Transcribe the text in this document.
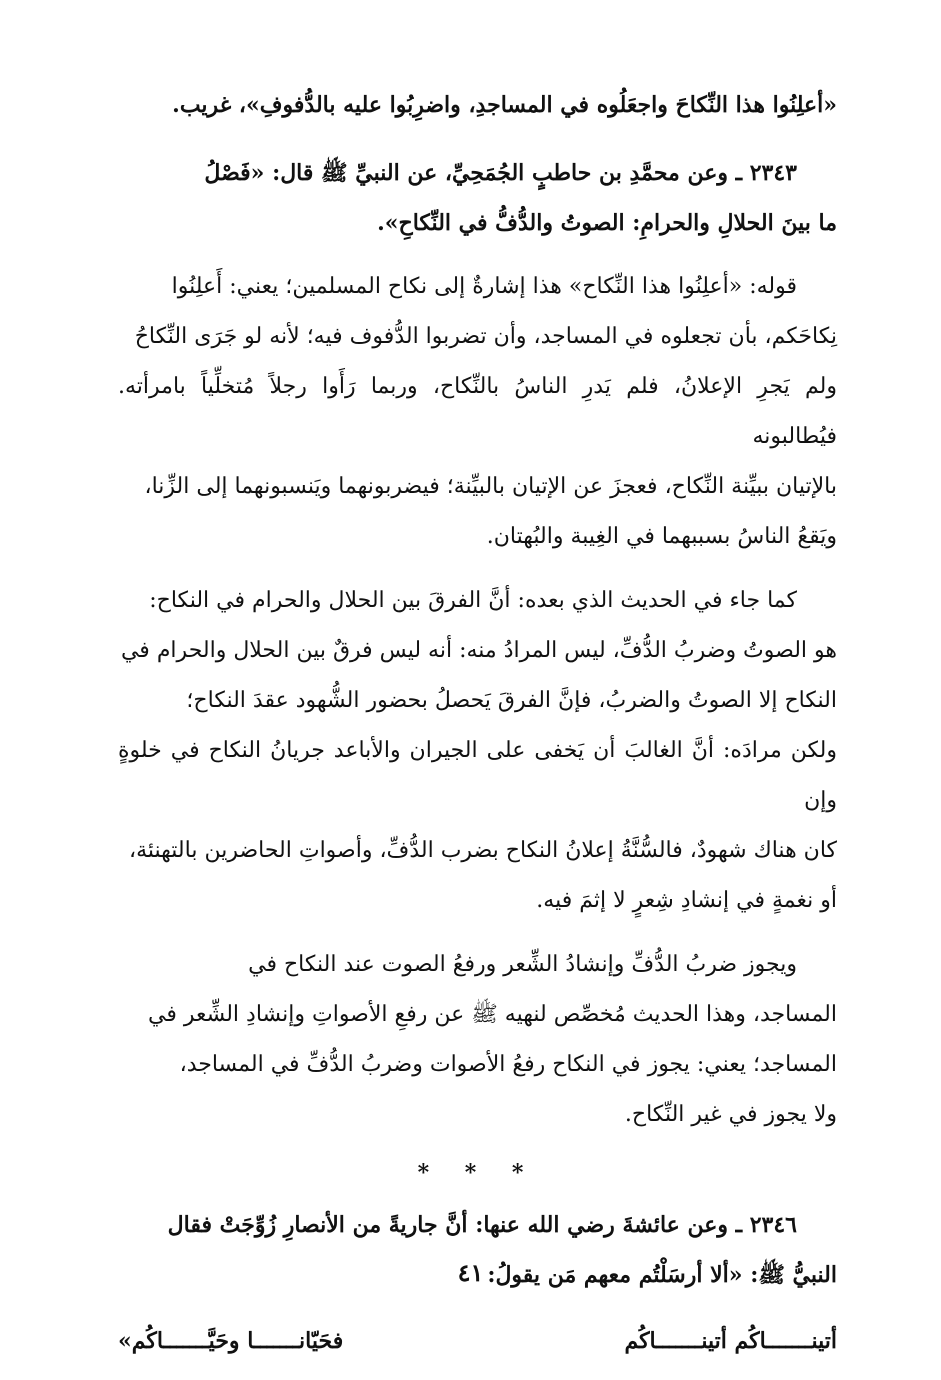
«أعلِنُوا هذا النِّكاحَ واجعَلُوه في المساجدِ، واضرِبُوا عليه بالدُّفوفِ»، غريب.

٢٣٤٣ ـ وعن محمَّدِ بن حاطبٍ الجُمَحِيِّ، عن النبيِّ ﷺ قال: «فَصْلُ
ما بينَ الحلالِ والحرامِ: الصوتُ والدُّفُّ في النِّكاحِ».

قوله: «أعلِنُوا هذا النِّكاح» هذا إشارةٌ إلى نكاح المسلمين؛ يعني: أَعلِنُوا
نِكاحَكم، بأن تجعلوه في المساجد، وأن تضربوا الدُّفوف فيه؛ لأنه لو جَرَى النِّكاحُ
ولم يَجرِ الإعلانُ، فلم يَدرِ الناسُ بالنِّكاح، وربما رَأَوا رجلاً مُتخلِّياً بامرأته. فيُطالبونه
بالإتيان ببيِّنة النِّكاح، فعجزَ عن الإتيان بالبيِّنة؛ فيضربونهما ويَنسبونهما إلى الزِّنا،
ويَقعُ الناسُ بسببهما في الغِيبة والبُهتان.

كما جاء في الحديث الذي بعده: أنَّ الفرقَ بين الحلال والحرام في النكاح:
هو الصوتُ وضربُ الدُّفِّ، ليس المرادُ منه: أنه ليس فرقٌ بين الحلال والحرام في
النكاح إلا الصوتُ والضربُ، فإنَّ الفرقَ يَحصلُ بحضور الشُّهود عقدَ النكاح؛
ولكن مرادَه: أنَّ الغالبَ أن يَخفى على الجيران والأباعد جريانُ النكاح في خلوةٍ وإن
كان هناك شهودٌ، فالسُّنَّةُ إعلانُ النكاح بضرب الدُّفِّ، وأصواتِ الحاضرين بالتهنئة،
أو نغمةٍ في إنشادِ شِعرٍ لا إثمَ فيه.

ويجوز ضربُ الدُّفِّ وإنشادُ الشِّعر ورفعُ الصوت عند النكاح في
المساجد، وهذا الحديث مُخصِّص لنهيه ﷺ عن رفعِ الأصواتِ وإنشادِ الشِّعر في
المساجد؛ يعني: يجوز في النكاح رفعُ الأصوات وضربُ الدُّفِّ في المساجد،
ولا يجوز في غير النِّكاح.

* * *

٢٣٤٦ ـ وعن عائشةَ رضي الله عنها: أنَّ جاريةً من الأنصارِ زُوِّجَتْ فقال
النبيُّ ﷺ: «ألا أرسَلْتُم معهم مَن يقولُ:

أتينـــــــاكُم أتينـــــــاكُم
فحَيّانـــــــا وحَيَّـــــــاكُم»
٤١
